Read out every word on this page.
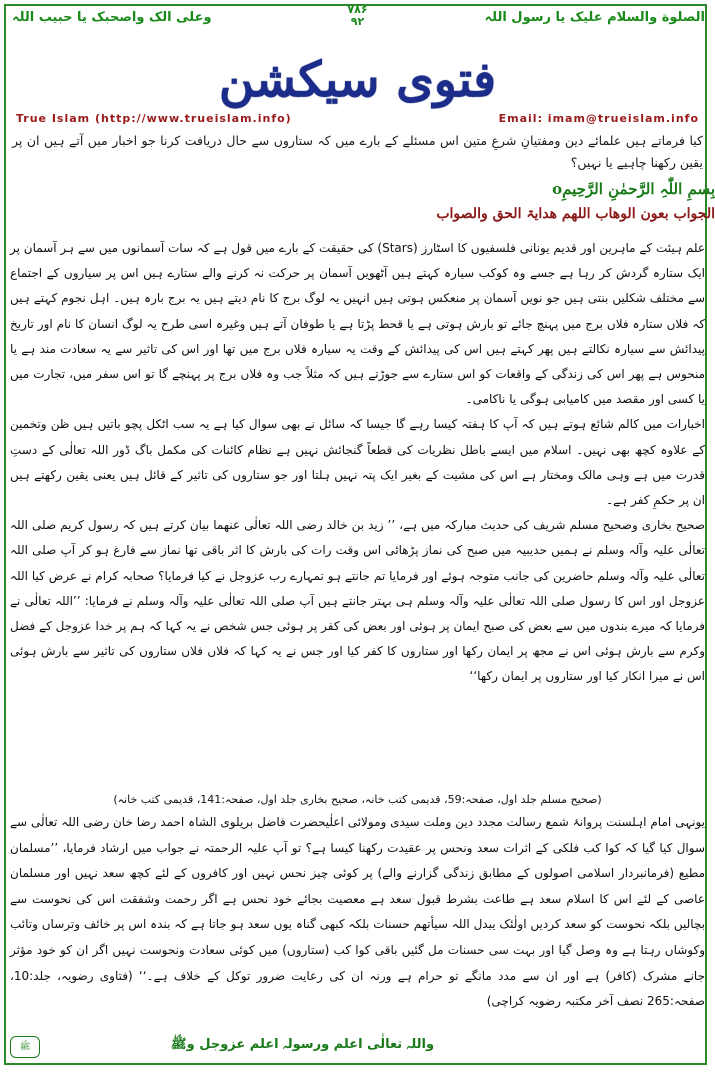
الصلوة والسلام علیک یا رسول اللہ
وعلی الک واصحبک یا حبیب اللہ
۷۸۶
۹۲
فتوی سیکشن
True Islam (http://www.trueislam.info)	Email: imam@trueislam.info
کیا فرماتے ہیں علمائے دین ومفتیانِ شرعِ متین اس مسئلے کے بارے میں کہ ستاروں سے حال دریافت کرنا جو اخبار میں آتے ہیں ان پر یقین رکھنا چاہیے یا نہیں؟
بِسمِ اللّٰہِ الرَّحمٰنِ الرَّحِیمِo
الجواب بعون الوھاب اللھم ھدایۃ الحق والصواب

علم ہیئت کے ماہرین اور قدیم یونانی فلسفیوں کا اسٹارز (Stars) کی حقیقت کے بارے میں قول ہے کہ سات آسمانوں میں سے ہر آسمان پر ایک ستارہ گردش کر رہا ہے جسے وہ کوکب سیارہ کہتے ہیں آٹھویں آسمان پر حرکت نہ کرنے والے ستارے ہیں اس پر سیاروں کے اجتماع سے مختلف شکلیں بنتی ہیں جو نویں آسمان پر منعکس ہوتی ہیں انہیں یہ لوگ برج کا نام دیتے ہیں یہ برج بارہ ہیں۔ اہل نجوم کہتے ہیں کہ فلاں ستارہ فلاں برج میں پہنچ جائے تو بارش ہوتی ہے یا قحط پڑتا ہے یا طوفان آتے ہیں وغیرہ اسی طرح یہ لوگ انسان کا نام اور تاریخ پیدائش سے سیارہ نکالتے ہیں پھر کہتے ہیں اس کی پیدائش کے وقت یہ سیارہ فلاں برج میں تھا اور اس کی تاثیر سے یہ سعادت مند ہے یا منحوس ہے پھر اس کی زندگی کے واقعات کو اس ستارے سے جوڑتے ہیں کہ مثلاً جب وہ فلاں برج پر پہنچے گا تو اس سفر میں، تجارت میں یا کسی اور مقصد میں کامیابی ہوگی یا ناکامی۔

اخبارات میں کالم شائع ہوتے ہیں کہ آپ کا ہفتہ کیسا رہے گا جیسا کہ سائل نے بھی سوال کیا ہے یہ سب اٹکل پچو باتیں ہیں ظن وتخمین کے علاوہ کچھ بھی نہیں۔ اسلام میں ایسے باطل نظریات کی قطعاً گنجائش نہیں ہے نظام کائنات کی مکمل باگ ڈور اللہ تعالٰی کے دستِ قدرت میں ہے وہی مالک ومختار ہے اس کی مشیت کے بغیر ایک پتہ نہیں ہلتا اور جو ستاروں کی تاثیر کے قائل ہیں یعنی یقین رکھتے ہیں ان پر حکمِ کفر ہے۔

صحیح بخاری وصحیح مسلم شریف کی حدیث مبارکہ میں ہے، ’’ زید بن خالد رضی اللہ تعالٰی عنھما بیان کرتے ہیں کہ رسول کریم صلی اللہ تعالٰی علیہ وآلہ وسلم نے ہمیں حدیبیہ میں صبح کی نماز پڑھائی اس وقت رات کی بارش کا اثر باقی تھا نماز سے فارغ ہو کر آپ صلی اللہ تعالٰی علیہ وآلہ وسلم حاضرین کی جانب متوجہ ہوئے اور فرمایا تم جانتے ہو تمہارے رب عزوجل نے کیا فرمایا؟ صحابہ کرام نے عرض کیا اللہ عزوجل اور اس کا رسول صلی اللہ تعالٰی علیہ وآلہ وسلم ہی بہتر جانتے ہیں آپ صلی اللہ تعالٰی علیہ وآلہ وسلم نے فرمایا: ’’اللہ تعالٰی نے فرمایا کہ میرے بندوں میں سے بعض کی صبح ایمان پر ہوئی اور بعض کی کفر پر ہوئی جس شخص نے یہ کہا کہ ہم پر خدا عزوجل کے فضل وکرم سے بارش ہوئی اس نے مجھ پر ایمان رکھا اور ستاروں کا کفر کیا اور جس نے یہ کہا کہ فلاں فلاں ستاروں کی تاثیر سے بارش ہوئی اس نے میرا انکار کیا اور ستاروں پر ایمان رکھا‘‘

(صحیح مسلم جلد اول، صفحہ:59، قدیمی کتب خانہ، صحیح بخاری جلد اول، صفحہ:141، قدیمی کتب خانہ)

یونہی امام اہلسنت پروانۂ شمع رسالت مجدد دین وملت سیدی ومولائی اعلٰیحضرت فاضل بریلوی الشاہ احمد رضا خان رضی اللہ تعالٰی سے سوال کیا گیا کہ کوا کب فلکی کے اثرات سعد ونحس پر عقیدت رکھنا کیسا ہے؟ تو آپ علیہ الرحمتہ نے جواب میں ارشاد فرمایا، ’’مسلمان مطیع (فرمانبردار اسلامی اصولوں کے مطابق زندگی گزارنے والے) پر کوئی چیز نحس نہیں اور کافروں کے لئے کچھ سعد نہیں اور مسلمان عاصی کے لئے اس کا اسلام سعد ہے طاعت بشرط قبول سعد ہے معصیت بجائے خود نحس ہے اگر رحمت وشفقت اس کی نحوست سے بچالیں بلکہ نحوست کو سعد کردیں اولٰئک یبدل اللہ سیأتھم حسنات بلکہ کبھی گناہ یوں سعد ہو جاتا ہے کہ بندہ اس پر خائف وترساں وتائب وکوشاں رہتا ہے وہ وصل گیا اور بہت سی حسنات مل گئیں باقی کوا کب (ستاروں) میں کوئی سعادت ونحوست نہیں اگر ان کو خود مؤثر جانے مشرک (کافر) ہے اور ان سے مدد مانگے تو حرام ہے ورنہ ان کی رعایت ضرور توکل کے خلاف ہے۔‘‘ (فتاوی رضویہ، جلد:10، صفحہ:265 نصف آخر مکتبہ رضویہ کراچی)

واللہ تعالٰی اعلم ورسولہ اعلم عزوجل وﷺ
ﷺ
